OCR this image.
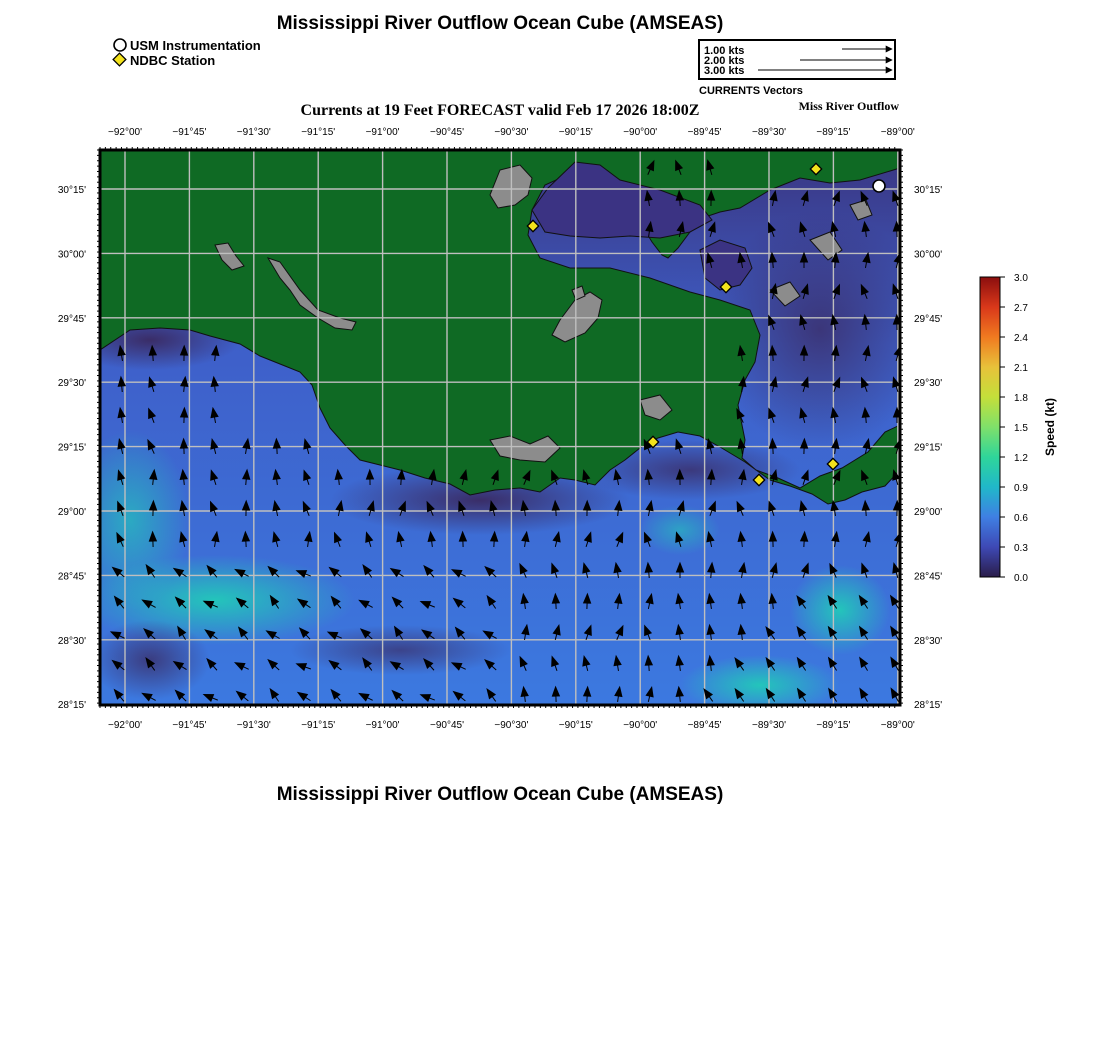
Mississippi River Outflow Ocean Cube (AMSEAS)
Currents at 19 Feet FORECAST valid Feb 17 2026 18:00Z	Miss River Outflow
Mississippi River Outflow Ocean Cube (AMSEAS)
USM Instrumentation
NDBC Station
1.00 kts
2.00 kts
3.00 kts
CURRENTS Vectors
−92°00'
−92°00'
−91°45'
−91°45'
−91°30'
−91°30'
−91°15'
−91°15'
−91°00'
−91°00'
−90°45'
−90°45'
−90°30'
−90°30'
−90°15'
−90°15'
−90°00'
−90°00'
−89°45'
−89°45'
−89°30'
−89°30'
−89°15'
−89°15'
−89°00'
−89°00'
30°15'	30°15'
30°00'	30°00'
29°45'	29°45'
29°30'	29°30'
29°15'	29°15'
29°00'	29°00'
28°45'	28°45'
28°30'	28°30'
28°15'	28°15'
3.0
2.7
2.4
2.1
1.8
1.5
1.2
0.9
0.6
0.3
0.0
Speed (kt)
